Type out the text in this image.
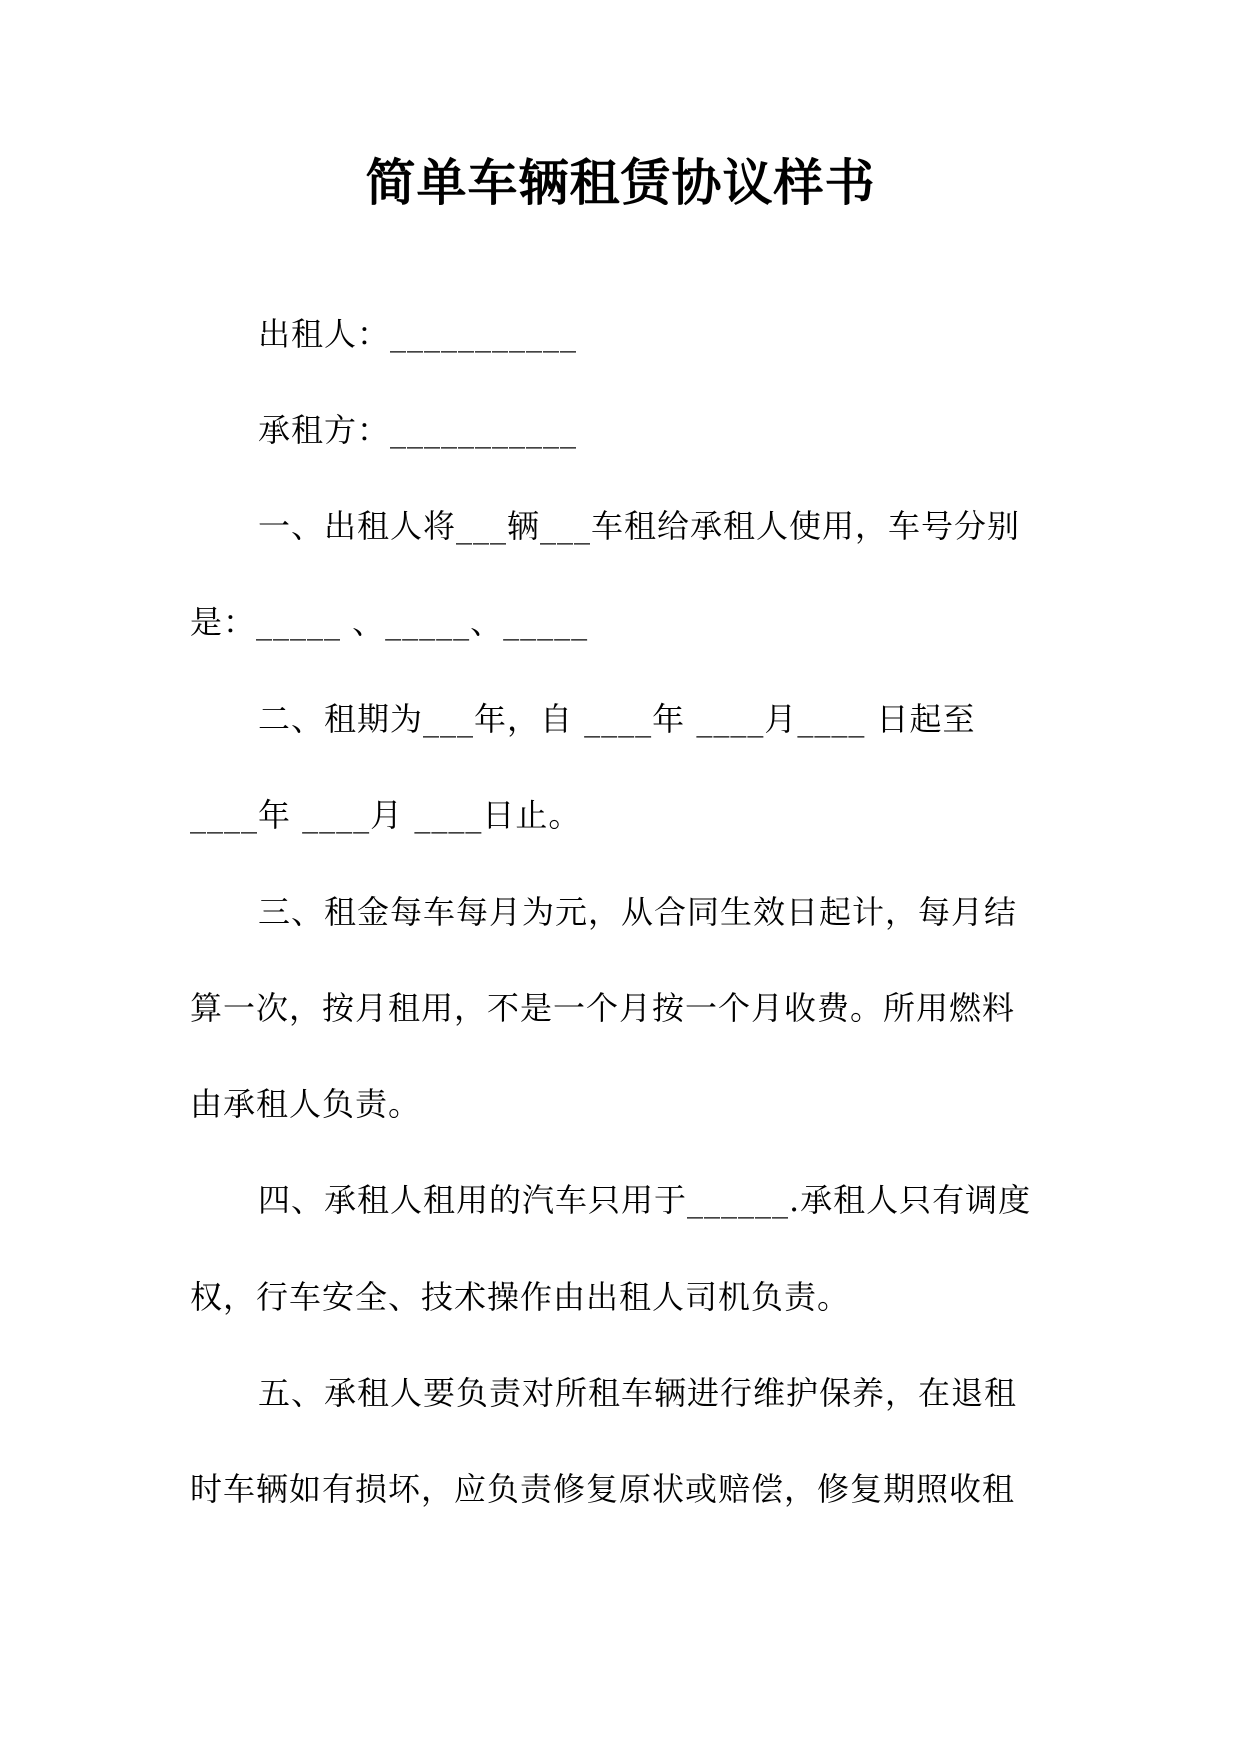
简单车辆租赁协议样书
出租人：___________
承租方：___________
一、出租人将___辆___车租给承租人使用，车号分别
是：_____ 、_____、_____
二、租期为___年，自 ____年 ____月____ 日起至
____年 ____月 ____日止。
三、租金每车每月为元，从合同生效日起计，每月结
算一次，按月租用，不是一个月按一个月收费。所用燃料
由承租人负责。
四、承租人租用的汽车只用于______.承租人只有调度
权，行车安全、技术操作由出租人司机负责。
五、承租人要负责对所租车辆进行维护保养，在退租
时车辆如有损坏，应负责修复原状或赔偿，修复期照收租
